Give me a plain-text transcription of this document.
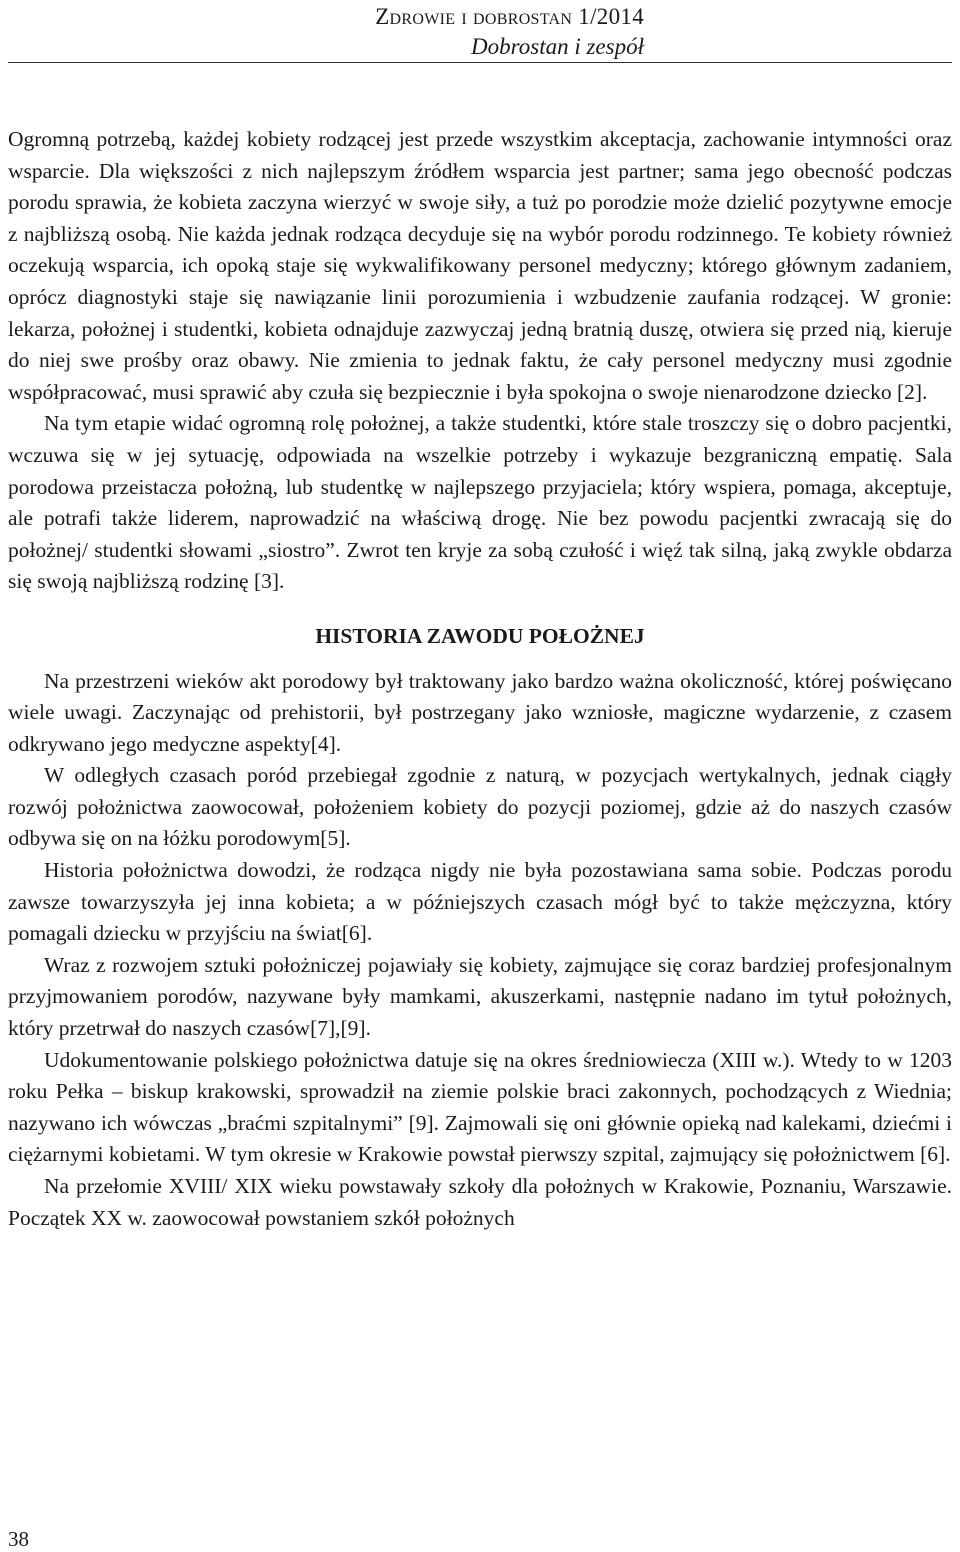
Zdrowie i dobrostan 1/2014
Dobrostan i zespół

Ogromną potrzebą, każdej kobiety rodzącej jest przede wszystkim akceptacja, zachowanie intymności oraz wsparcie. Dla większości z nich najlepszym źródłem wsparcia jest partner; sama jego obecność podczas porodu sprawia, że kobieta zaczyna wierzyć w swoje siły, a tuż po porodzie może dzielić pozytywne emocje z najbliższą osobą. Nie każda jednak rodząca decyduje się na wybór porodu rodzinnego. Te kobiety również oczekują wsparcia, ich opoką staje się wykwalifikowany personel medyczny; którego głównym zadaniem, oprócz diagnostyki staje się nawiązanie linii porozumienia i wzbudzenie zaufania rodzącej. W gronie: lekarza, położnej i studentki, kobieta odnajduje zazwyczaj jedną bratnią duszę, otwiera się przed nią, kieruje do niej swe prośby oraz obawy. Nie zmienia to jednak faktu, że cały personel medyczny musi zgodnie współpracować, musi sprawić aby czuła się bezpiecznie i była spokojna o swoje nienarodzone dziecko [2].

Na tym etapie widać ogromną rolę położnej, a także studentki, które stale troszczy się o dobro pacjentki, wczuwa się w jej sytuację, odpowiada na wszelkie potrzeby i wykazuje bezgraniczną empatię. Sala porodowa przeistacza położną, lub studentkę w najlepszego przyjaciela; który wspiera, pomaga, akceptuje, ale potrafi także liderem, naprowadzić na właściwą drogę. Nie bez powodu pacjentki zwracają się do położnej/ studentki słowami „siostro”. Zwrot ten kryje za sobą czułość i więź tak silną, jaką zwykle obdarza się swoją najbliższą rodzinę [3].

HISTORIA ZAWODU POŁOŻNEJ

Na przestrzeni wieków akt porodowy był traktowany jako bardzo ważna okoliczność, której poświęcano wiele uwagi. Zaczynając od prehistorii, był postrzegany jako wzniosłe, magiczne wydarzenie, z czasem odkrywano jego medyczne aspekty[4].

W odległych czasach poród przebiegał zgodnie z naturą, w pozycjach wertykalnych, jednak ciągły rozwój położnictwa zaowocował, położeniem kobiety do pozycji poziomej, gdzie aż do naszych czasów odbywa się on na łóżku porodowym[5].

Historia położnictwa dowodzi, że rodząca nigdy nie była pozostawiana sama sobie. Podczas porodu zawsze towarzyszyła jej inna kobieta; a w późniejszych czasach mógł być to także mężczyzna, który pomagali dziecku w przyjściu na świat[6].

Wraz z rozwojem sztuki położniczej pojawiały się kobiety, zajmujące się coraz bardziej profesjonalnym przyjmowaniem porodów, nazywane były mamkami, akuszerkami, następnie nadano im tytuł położnych, który przetrwał do naszych czasów[7],[9].

Udokumentowanie polskiego położnictwa datuje się na okres średniowiecza (XIII w.). Wtedy to w 1203 roku Pełka – biskup krakowski, sprowadził na ziemie polskie braci zakonnych, pochodzących z Wiednia; nazywano ich wówczas „braćmi szpitalnymi” [9]. Zajmowali się oni głównie opieką nad kalekami, dziećmi i ciężarnymi kobietami. W tym okresie w Krakowie powstał pierwszy szpital, zajmujący się położnictwem [6].

Na przełomie XVIII/ XIX wieku powstawały szkoły dla położnych w Krakowie, Poznaniu, Warszawie. Początek XX w. zaowocował powstaniem szkół położnych

38
